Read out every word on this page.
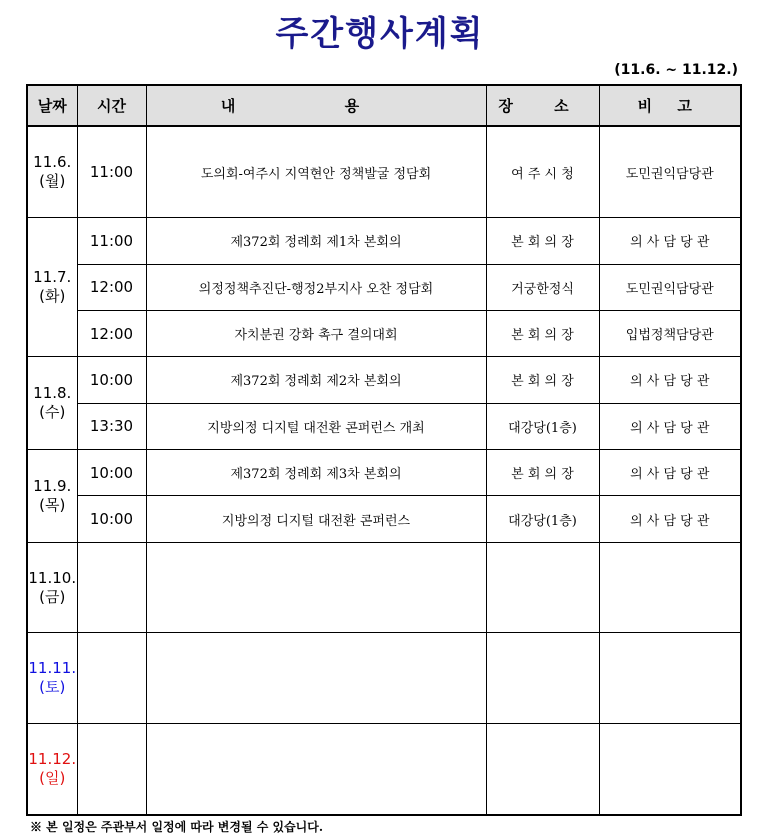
주간행사계획
(11.6. ~ 11.12.)
날짜	시간	내 용	장 소	비 고
11.6.
(월)	11:00	도의회-여주시 지역현안 정책발굴 정담회	여 주 시 청	도민권익담당관
11.7.
(화)	11:00	제372회 정례회 제1차 본회의	본 회 의 장	의 사 담 당 관
	12:00	의정정책추진단-행정2부지사 오찬 정담회	거궁한정식	도민권익담당관
	12:00	자치분권 강화 촉구 결의대회	본 회 의 장	입법정책담당관
11.8.
(수)	10:00	제372회 정례회 제2차 본회의	본 회 의 장	의 사 담 당 관
	13:30	지방의정 디지털 대전환 콘퍼런스 개최	대강당(1층)	의 사 담 당 관
11.9.
(목)	10:00	제372회 정례회 제3차 본회의	본 회 의 장	의 사 담 당 관
	10:00	지방의정 디지털 대전환 콘퍼런스	대강당(1층)	의 사 담 당 관
11.10.
(금)				
11.11.
(토)				
11.12.
(일)				
※ 본 일정은 주관부서 일정에 따라 변경될 수 있습니다.
